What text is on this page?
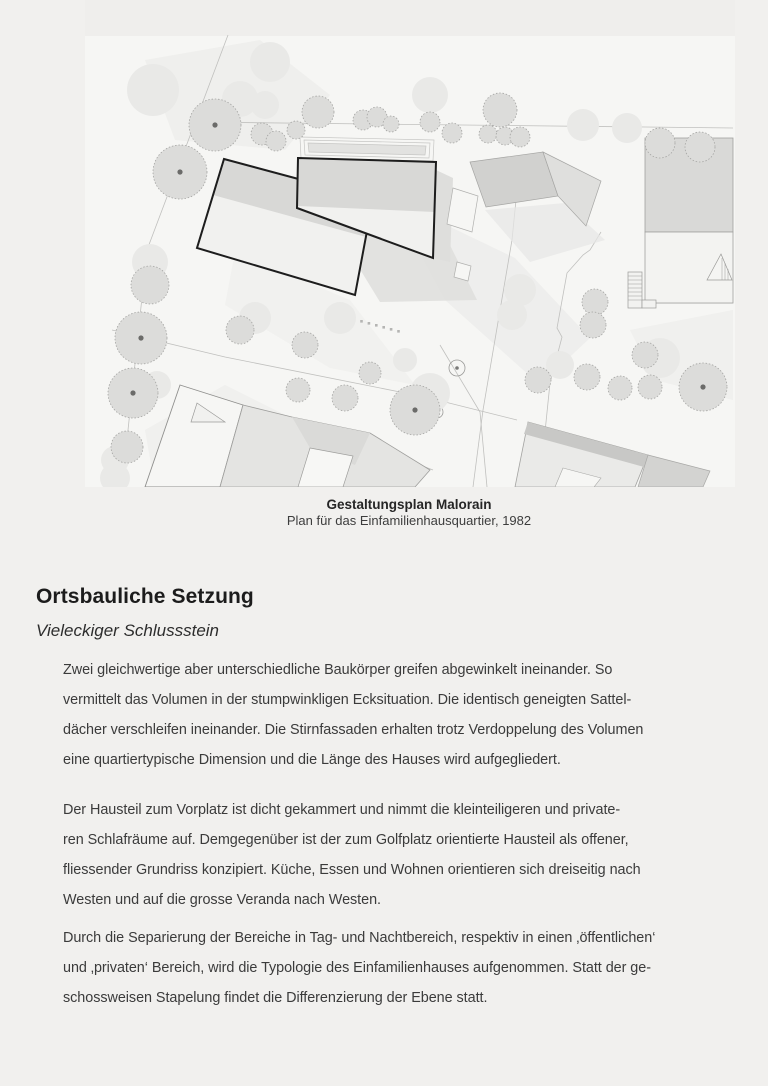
Gestaltungsplan Malorain
Plan für das Einfamilienhausquartier, 1982
Ortsbauliche Setzung
Vieleckiger Schlussstein

Zwei gleichwertige aber unterschiedliche Baukörper greifen abgewinkelt ineinander. So
vermittelt das Volumen in der stumpwinkligen Ecksituation. Die identisch geneigten Sattel-
dächer verschleifen ineinander. Die Stirnfassaden erhalten trotz Verdoppelung des Volumen
eine quartiertypische Dimension und die Länge des Hauses wird aufgegliedert.

Der Hausteil zum Vorplatz ist dicht gekammert und nimmt die kleinteiligeren und private-
ren Schlafräume auf. Demgegenüber ist der zum Golfplatz orientierte Hausteil als offener,
fliessender Grundriss konzipiert. Küche, Essen und Wohnen orientieren sich dreiseitig nach
Westen und auf die grosse Veranda nach Westen.

Durch die Separierung der Bereiche in Tag- und Nachtbereich, respektiv in einen ‚öffentlichen‘
und ‚privaten‘ Bereich, wird die Typologie des Einfamilienhauses aufgenommen. Statt der ge-
schossweisen Stapelung findet die Differenzierung der Ebene statt.
